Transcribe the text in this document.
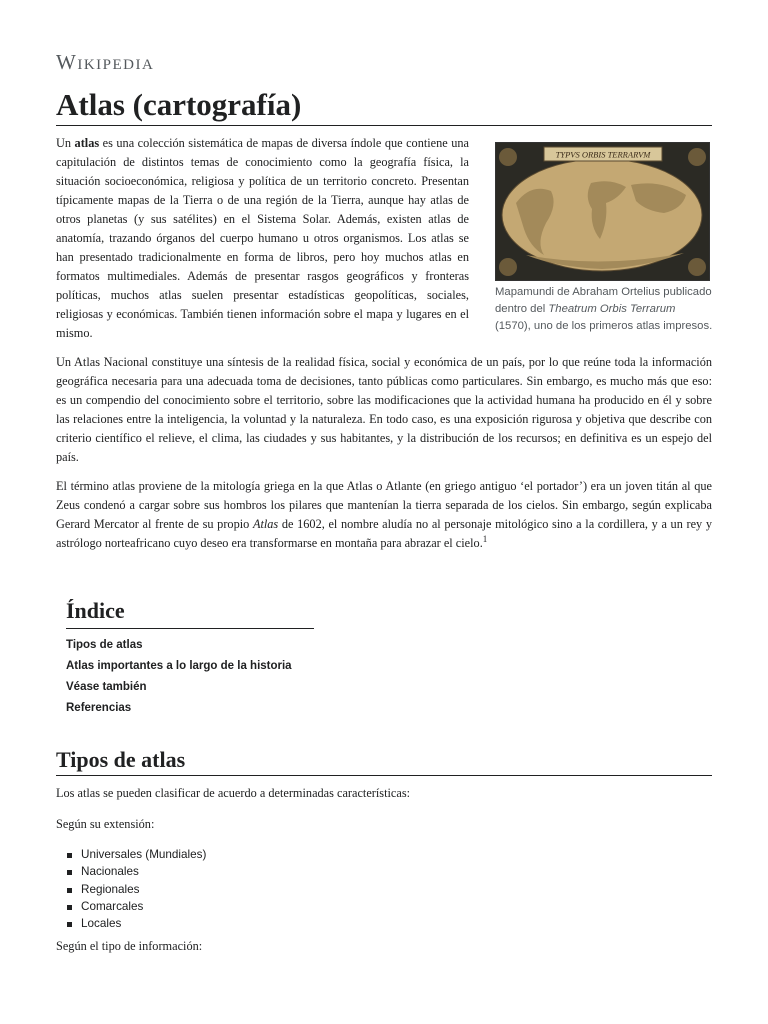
Wikipedia
Atlas (cartografía)
TYPVS ORBIS TERRARVM
Mapamundi de Abraham Ortelius publicado dentro del Theatrum Orbis Terrarum (1570), uno de los primeros atlas impresos.

Un atlas es una colección sistemática de mapas de diversa índole que contiene una capitulación de distintos temas de conocimiento como la geografía física, la situación socioeconómica, religiosa y política de un territorio concreto. Presentan típicamente mapas de la Tierra o de una región de la Tierra, aunque hay atlas de otros planetas (y sus satélites) en el Sistema Solar. Además, existen atlas de anatomía, trazando órganos del cuerpo humano u otros organismos. Los atlas se han presentado tradicionalmente en forma de libros, pero hoy muchos atlas en formatos multimediales. Además de presentar rasgos geográficos y fronteras políticas, muchos atlas suelen presentar estadísticas geopolíticas, sociales, religiosas y económicas. También tienen información sobre el mapa y lugares en el mismo.

Un Atlas Nacional constituye una síntesis de la realidad física, social y económica de un país, por lo que reúne toda la información geográfica necesaria para una adecuada toma de decisiones, tanto públicas como particulares. Sin embargo, es mucho más que eso: es un compendio del conocimiento sobre el territorio, sobre las modificaciones que la actividad humana ha producido en él y sobre las relaciones entre la inteligencia, la voluntad y la naturaleza. En todo caso, es una exposición rigurosa y objetiva que describe con criterio científico el relieve, el clima, las ciudades y sus habitantes, y la distribución de los recursos; en definitiva es un espejo del país.

El término atlas proviene de la mitología griega en la que Atlas o Atlante (en griego antiguo ‘el portador’) era un joven titán al que Zeus condenó a cargar sobre sus hombros los pilares que mantenían la tierra separada de los cielos. Sin embargo, según explicaba Gerard Mercator al frente de su propio Atlas de 1602, el nombre aludía no al personaje mitológico sino a la cordillera, y a un rey y astrólogo norteafricano cuyo deseo era transformarse en montaña para abrazar el cielo.$^1$

Índice
Tipos de atlas
Atlas importantes a lo largo de la historia
Véase también
Referencias
Tipos de atlas

Los atlas se pueden clasificar de acuerdo a determinadas características:

Según su extensión:

Universales (Mundiales)
Nacionales
Regionales
Comarcales
Locales

Según el tipo de información:
